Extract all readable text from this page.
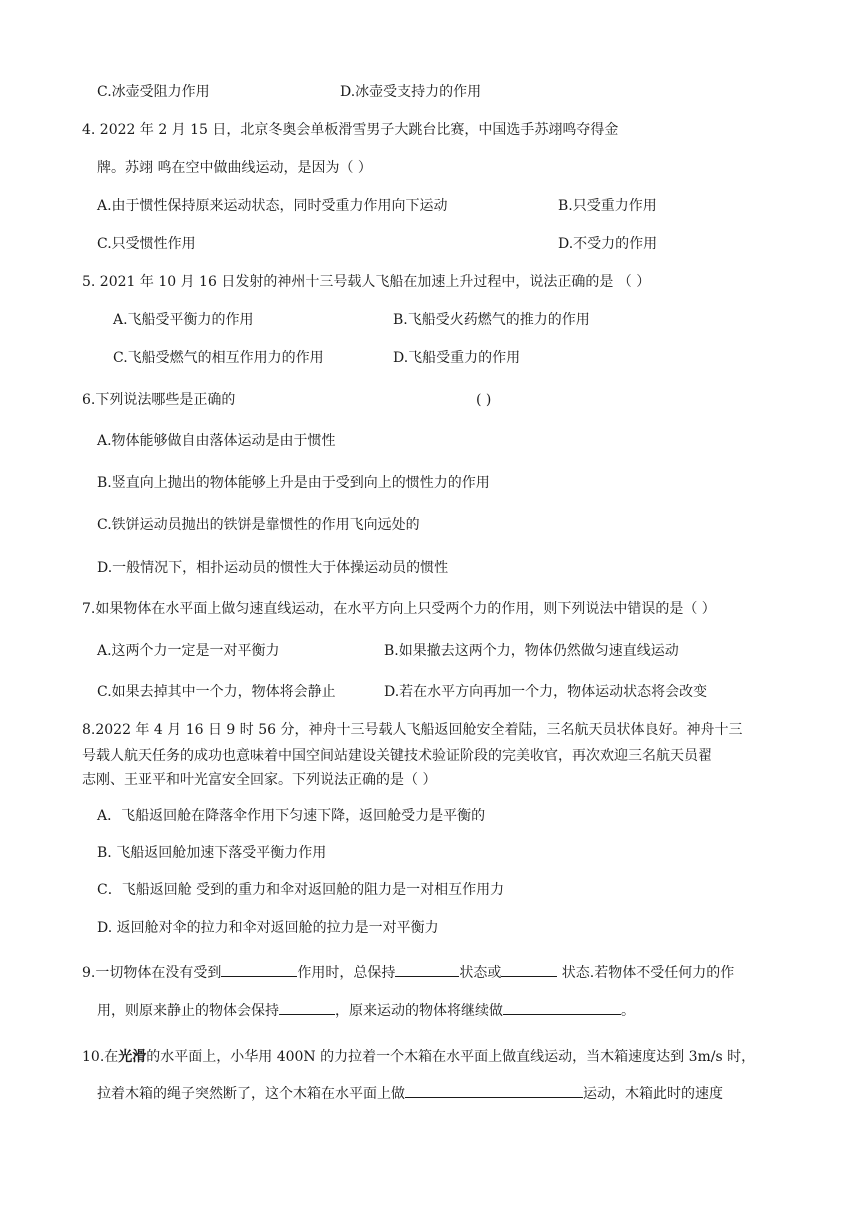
C.冰壶受阻力作用	D.冰壶受支持力的作用
4. 2022 年 2 月 15 日，北京冬奥会单板滑雪男子大跳台比赛，中国选手苏翊鸣夺得金
牌。苏翊 鸣在空中做曲线运动，是因为（ ）
A.由于惯性保持原来运动状态，同时受重力作用向下运动	B.只受重力作用
C.只受惯性作用	D.不受力的作用
5. 2021 年 10 月 16 日发射的神州十三号载人飞船在加速上升过程中，说法正确的是 （ ）
A.飞船受平衡力的作用	B.飞船受火药燃气的推力的作用
C.飞船受燃气的相互作用力的作用	D.飞船受重力的作用
6.下列说法哪些是正确的	( )
A.物体能够做自由落体运动是由于惯性
B.竖直向上抛出的物体能够上升是由于受到向上的惯性力的作用
C.铁饼运动员抛出的铁饼是靠惯性的作用飞向远处的
D.一般情况下，相扑运动员的惯性大于体操运动员的惯性
7.如果物体在水平面上做匀速直线运动，在水平方向上只受两个力的作用，则下列说法中错误的是（ ）
A.这两个力一定是一对平衡力	B.如果撤去这两个力，物体仍然做匀速直线运动
C.如果去掉其中一个力，物体将会静止	D.若在水平方向再加一个力，物体运动状态将会改变
8.2022 年 4 月 16 日 9 时 56 分，神舟十三号载人飞船返回舱安全着陆，三名航天员状体良好。神舟十三
号载人航天任务的成功也意味着中国空间站建设关键技术验证阶段的完美收官，再次欢迎三名航天员翟
志刚、王亚平和叶光富安全回家。下列说法正确的是（ ）
A．飞船返回舱在降落伞作用下匀速下降，返回舱受力是平衡的
B. 飞船返回舱加速下落受平衡力作用
C．飞船返回舱 受到的重力和伞对返回舱的阻力是一对相互作用力
D. 返回舱对伞的拉力和伞对返回舱的拉力是一对平衡力
9.一切物体在没有受到	作用时，总保持	状态或	状态.若物体不受任何力的作
用，则原来静止的物体会保持	，原来运动的物体将继续做	。
10.在光滑的水平面上，小华用 400N 的力拉着一个木箱在水平面上做直线运动，当木箱速度达到 3m/s 时，
拉着木箱的绳子突然断了，这个木箱在水平面上做	运动，木箱此时的速度
